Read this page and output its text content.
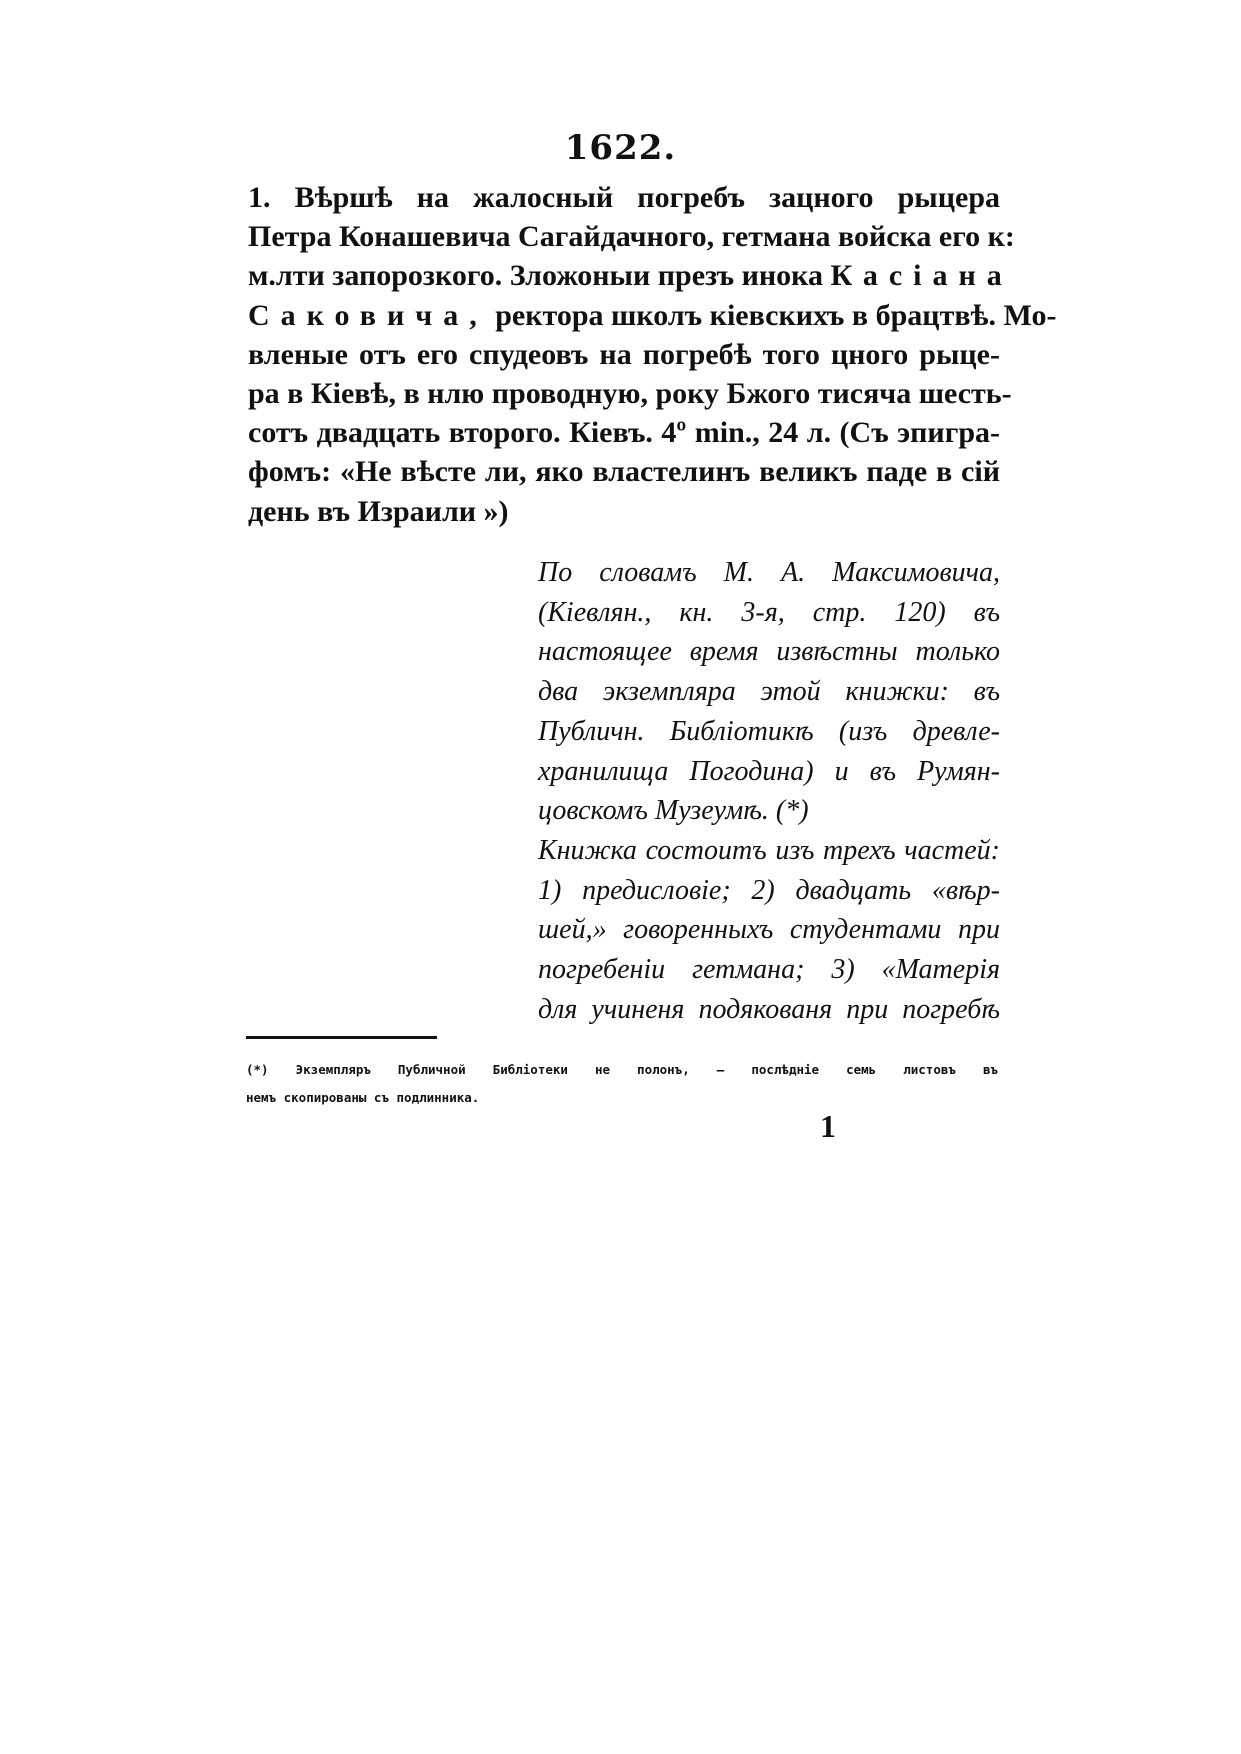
1622.
1. Вѣршѣ на жалосный погребъ зацного рыцера
Петра Конашевича Сагайдачного, гетмана войска его к:
м.лти запорозкого. Зложоныи презъ инока Касіана
Саковича, ректора школъ кіевскихъ в брацтвѣ. Мо-
вленые отъ его спудеовъ на погребѣ того цного рыце-
ра в Кіевѣ, в нлю проводную, року Бжого тисяча шесть-
сотъ двадцать второго. Кіевъ. 4º min., 24 л. (Съ эпигра-
фомъ: «Не вѣсте ли, яко властелинъ великъ паде в сій
день въ Израили »)
По словамъ М. А. Максимовича,
(Кіевлян., кн. 3-я, стр. 120) въ
настоящее время извѣстны только
два экземпляра этой книжки: въ
Публичн. Библіотикѣ (изъ древле-
хранилища Погодина) и въ Румян-
цовскомъ Музеумѣ. (*)
Книжка состоитъ изъ трехъ частей:
1) предисловіе; 2) двадцать «вѣр-
шей,» говоренныхъ студентами при
погребеніи гетмана; 3) «Матерія
для учиненя подякованя при погребѣ
(*) Экземпляръ Публичной Библіотеки не полонъ, — послѣдніе семь листовъ въ
немъ скопированы съ подлинника.
1
